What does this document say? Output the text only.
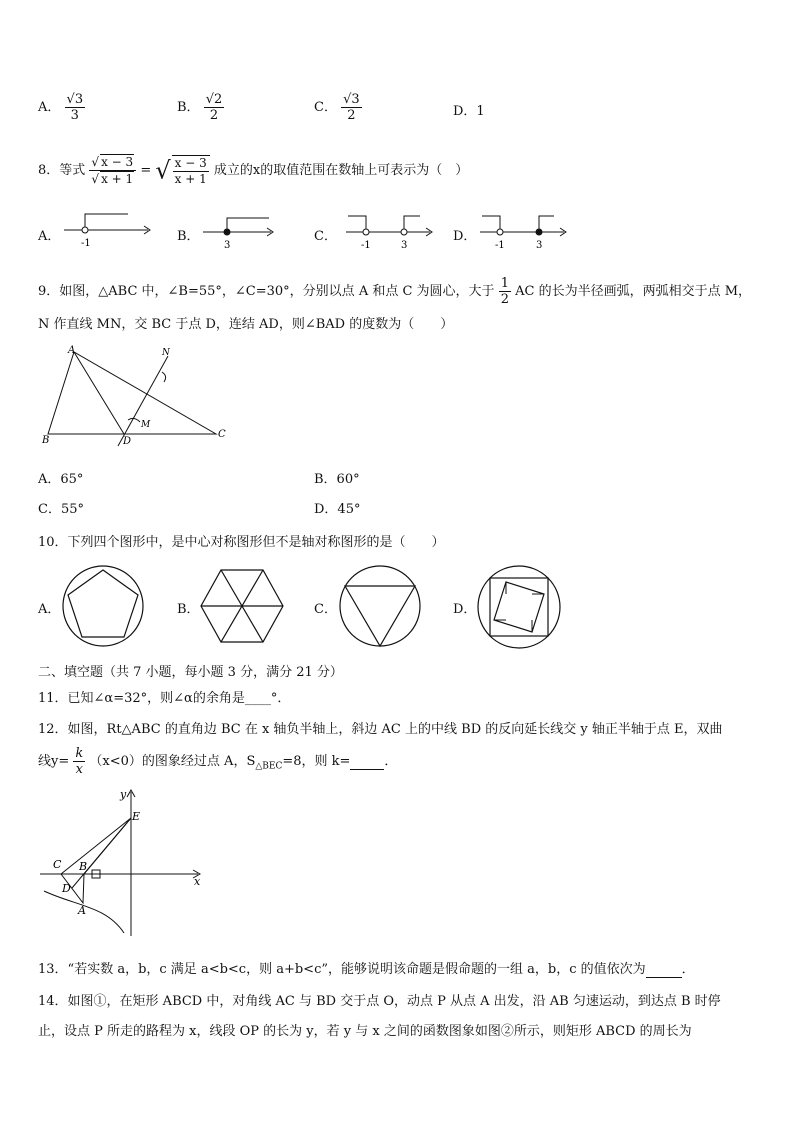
A． $\frac{√3}{3}$	B． $\frac{√2}{2}$	C． $\frac{√3}{2}$	D．1
8．等式 $\frac{√ x - 3}{√ x + 1}$ = √ $\frac{x - 3}{x + 1}$ 成立的x的取值范围在数轴上可表示为（　）
A． -1	B．
3
C．
-1	3
D．
-1	3
9．如图，△ABC 中，∠B=55°，∠C=30°，分别以点 A 和点 C 为圆心，大于 $\frac{1}{2}$ AC 的长为半径画弧，两弧相交于点 M，
N 作直线 MN，交 BC 于点 D，连结 AD，则∠BAD 的度数为（　　）
A
B
C
D
M
N
A．65°	B．60°
C．55°	D．45°
10．下列四个图形中，是中心对称图形但不是轴对称图形的是（　　）
A．	B．	C．	D．
二、填空题（共 7 小题，每小题 3 分，满分 21 分）
11．已知∠α=32°，则∠α的余角是____°．
12．如图，Rt△ABC 的直角边 BC 在 x 轴负半轴上，斜边 AC 上的中线 BD 的反向延长线交 y 轴正半轴于点 E，双曲
线$y= \frac{k}{x} (x<0)$的图象经过点 A，$S_{\triangle BEC}=8$，则 k=	．
y
x
E
C B
D
A
13．“若实数 a，b，c 满足 a<b<c，则 a+b<c”，能够说明该命题是假命题的一组 a，b，c 的值依次为	．
14．如图①，在矩形 ABCD 中，对角线 AC 与 BD 交于点 O，动点 P 从点 A 出发，沿 AB 匀速运动，到达点 B 时停
止，设点 P 所走的路程为 x，线段 OP 的长为 y，若 y 与 x 之间的函数图象如图②所示，则矩形 ABCD 的周长为
